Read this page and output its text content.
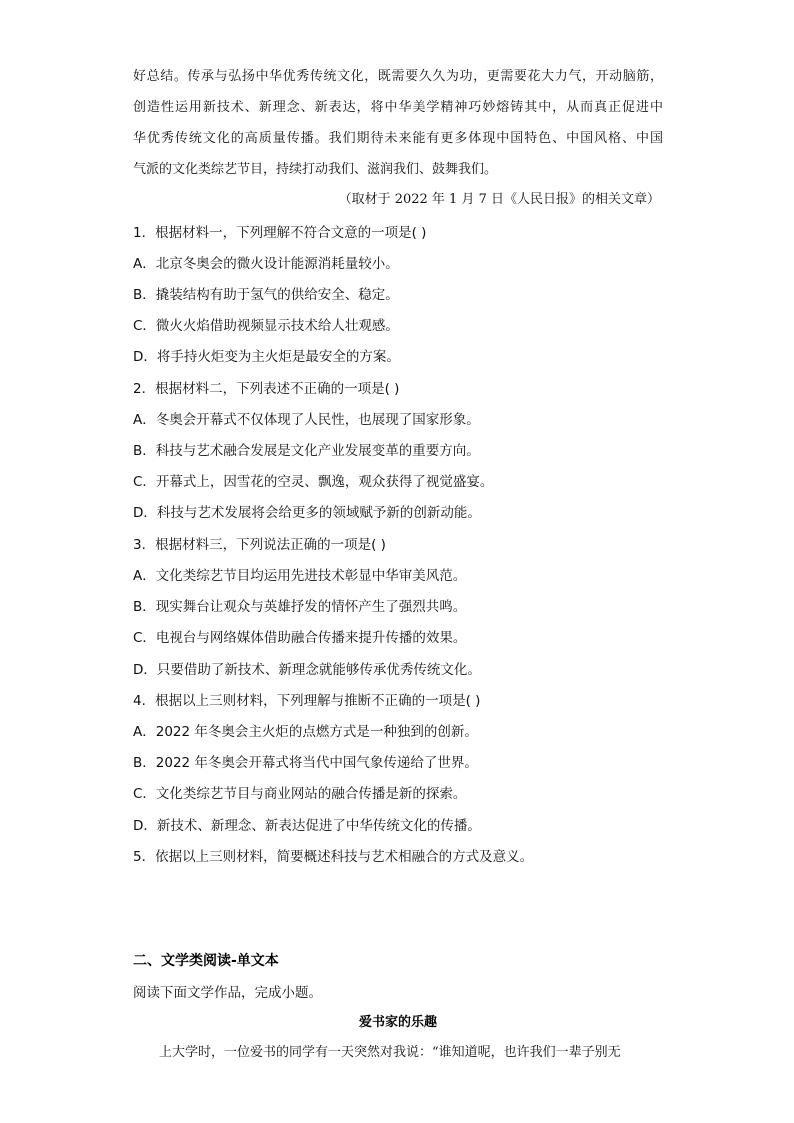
好总结。传承与弘扬中华优秀传统文化，既需要久久为功，更需要花大力气，开动脑筋，

创造性运用新技术、新理念、新表达，将中华美学精神巧妙熔铸其中，从而真正促进中

华优秀传统文化的高质量传播。我们期待未来能有更多体现中国特色、中国风格、中国

气派的文化类综艺节目，持续打动我们、滋润我们、鼓舞我们。

（取材于 2022 年 1 月 7 日《人民日报》的相关文章）
1．根据材料一，下列理解不符合文意的一项是( )
A．北京冬奥会的微火设计能源消耗量较小。
B．撬装结构有助于氢气的供给安全、稳定。
C．微火火焰借助视频显示技术给人壮观感。
D．将手持火炬变为主火炬是最安全的方案。
2．根据材料二，下列表述不正确的一项是( )
A．冬奥会开幕式不仅体现了人民性，也展现了国家形象。
B．科技与艺术融合发展是文化产业发展变革的重要方向。
C．开幕式上，因雪花的空灵、飘逸，观众获得了视觉盛宴。
D．科技与艺术发展将会给更多的领域赋予新的创新动能。
3．根据材料三，下列说法正确的一项是( )
A．文化类综艺节目均运用先进技术彰显中华审美风范。
B．现实舞台让观众与英雄抒发的情怀产生了强烈共鸣。
C．电视台与网络媒体借助融合传播来提升传播的效果。
D．只要借助了新技术、新理念就能够传承优秀传统文化。
4．根据以上三则材料，下列理解与推断不正确的一项是( )
A．2022 年冬奥会主火炬的点燃方式是一种独到的创新。
B．2022 年冬奥会开幕式将当代中国气象传递给了世界。
C．文化类综艺节目与商业网站的融合传播是新的探索。
D．新技术、新理念、新表达促进了中华传统文化的传播。
5．依据以上三则材料，简要概述科技与艺术相融合的方式及意义。
二、文学类阅读-单文本
阅读下面文学作品，完成小题。
爱书家的乐趣
上大学时，一位爱书的同学有一天突然对我说：“谁知道呢，也许我们一辈子别无
